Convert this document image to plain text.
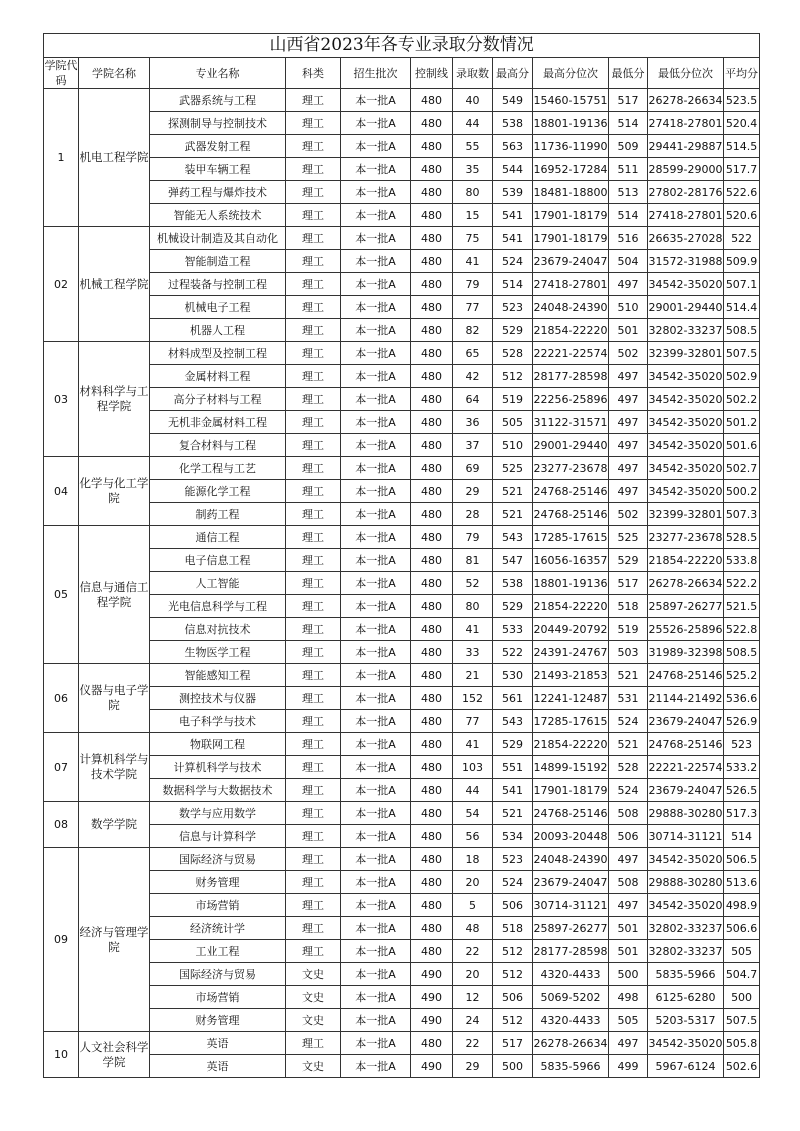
山西省2023年各专业录取分数情况											
学院代码	学院名称	专业名称	科类	招生批次	控制线	录取数	最高分	最高分位次	最低分	最低分位次	平均分
1	机电工程学院	武器系统与工程	理工	本一批A	480	40	549	15460-15751	517	26278-26634	523.5
		探测制导与控制技术	理工	本一批A	480	44	538	18801-19136	514	27418-27801	520.4
		武器发射工程	理工	本一批A	480	55	563	11736-11990	509	29441-29887	514.5
		装甲车辆工程	理工	本一批A	480	35	544	16952-17284	511	28599-29000	517.7
		弹药工程与爆炸技术	理工	本一批A	480	80	539	18481-18800	513	27802-28176	522.6
		智能无人系统技术	理工	本一批A	480	15	541	17901-18179	514	27418-27801	520.6
02	机械工程学院	机械设计制造及其自动化	理工	本一批A	480	75	541	17901-18179	516	26635-27028	522
		智能制造工程	理工	本一批A	480	41	524	23679-24047	504	31572-31988	509.9
		过程装备与控制工程	理工	本一批A	480	79	514	27418-27801	497	34542-35020	507.1
		机械电子工程	理工	本一批A	480	77	523	24048-24390	510	29001-29440	514.4
		机器人工程	理工	本一批A	480	82	529	21854-22220	501	32802-33237	508.5
03	材料科学与工程学院	材料成型及控制工程	理工	本一批A	480	65	528	22221-22574	502	32399-32801	507.5
		金属材料工程	理工	本一批A	480	42	512	28177-28598	497	34542-35020	502.9
		高分子材料与工程	理工	本一批A	480	64	519	22256-25896	497	34542-35020	502.2
		无机非金属材料工程	理工	本一批A	480	36	505	31122-31571	497	34542-35020	501.2
		复合材料与工程	理工	本一批A	480	37	510	29001-29440	497	34542-35020	501.6
04	化学与化工学院	化学工程与工艺	理工	本一批A	480	69	525	23277-23678	497	34542-35020	502.7
		能源化学工程	理工	本一批A	480	29	521	24768-25146	497	34542-35020	500.2
		制药工程	理工	本一批A	480	28	521	24768-25146	502	32399-32801	507.3
05	信息与通信工程学院	通信工程	理工	本一批A	480	79	543	17285-17615	525	23277-23678	528.5
		电子信息工程	理工	本一批A	480	81	547	16056-16357	529	21854-22220	533.8
		人工智能	理工	本一批A	480	52	538	18801-19136	517	26278-26634	522.2
		光电信息科学与工程	理工	本一批A	480	80	529	21854-22220	518	25897-26277	521.5
		信息对抗技术	理工	本一批A	480	41	533	20449-20792	519	25526-25896	522.8
		生物医学工程	理工	本一批A	480	33	522	24391-24767	503	31989-32398	508.5
06	仪器与电子学院	智能感知工程	理工	本一批A	480	21	530	21493-21853	521	24768-25146	525.2
		测控技术与仪器	理工	本一批A	480	152	561	12241-12487	531	21144-21492	536.6
		电子科学与技术	理工	本一批A	480	77	543	17285-17615	524	23679-24047	526.9
07	计算机科学与技术学院	物联网工程	理工	本一批A	480	41	529	21854-22220	521	24768-25146	523
		计算机科学与技术	理工	本一批A	480	103	551	14899-15192	528	22221-22574	533.2
		数据科学与大数据技术	理工	本一批A	480	44	541	17901-18179	524	23679-24047	526.5
08	数学学院	数学与应用数学	理工	本一批A	480	54	521	24768-25146	508	29888-30280	517.3
		信息与计算科学	理工	本一批A	480	56	534	20093-20448	506	30714-31121	514
09	经济与管理学院	国际经济与贸易	理工	本一批A	480	18	523	24048-24390	497	34542-35020	506.5
		财务管理	理工	本一批A	480	20	524	23679-24047	508	29888-30280	513.6
		市场营销	理工	本一批A	480	5	506	30714-31121	497	34542-35020	498.9
		经济统计学	理工	本一批A	480	48	518	25897-26277	501	32802-33237	506.6
		工业工程	理工	本一批A	480	22	512	28177-28598	501	32802-33237	505
		国际经济与贸易	文史	本一批A	490	20	512	4320-4433	500	5835-5966	504.7
		市场营销	文史	本一批A	490	12	506	5069-5202	498	6125-6280	500
		财务管理	文史	本一批A	490	24	512	4320-4433	505	5203-5317	507.5
10	人文社会科学学院	英语	理工	本一批A	480	22	517	26278-26634	497	34542-35020	505.8
		英语	文史	本一批A	490	29	500	5835-5966	499	5967-6124	502.6
